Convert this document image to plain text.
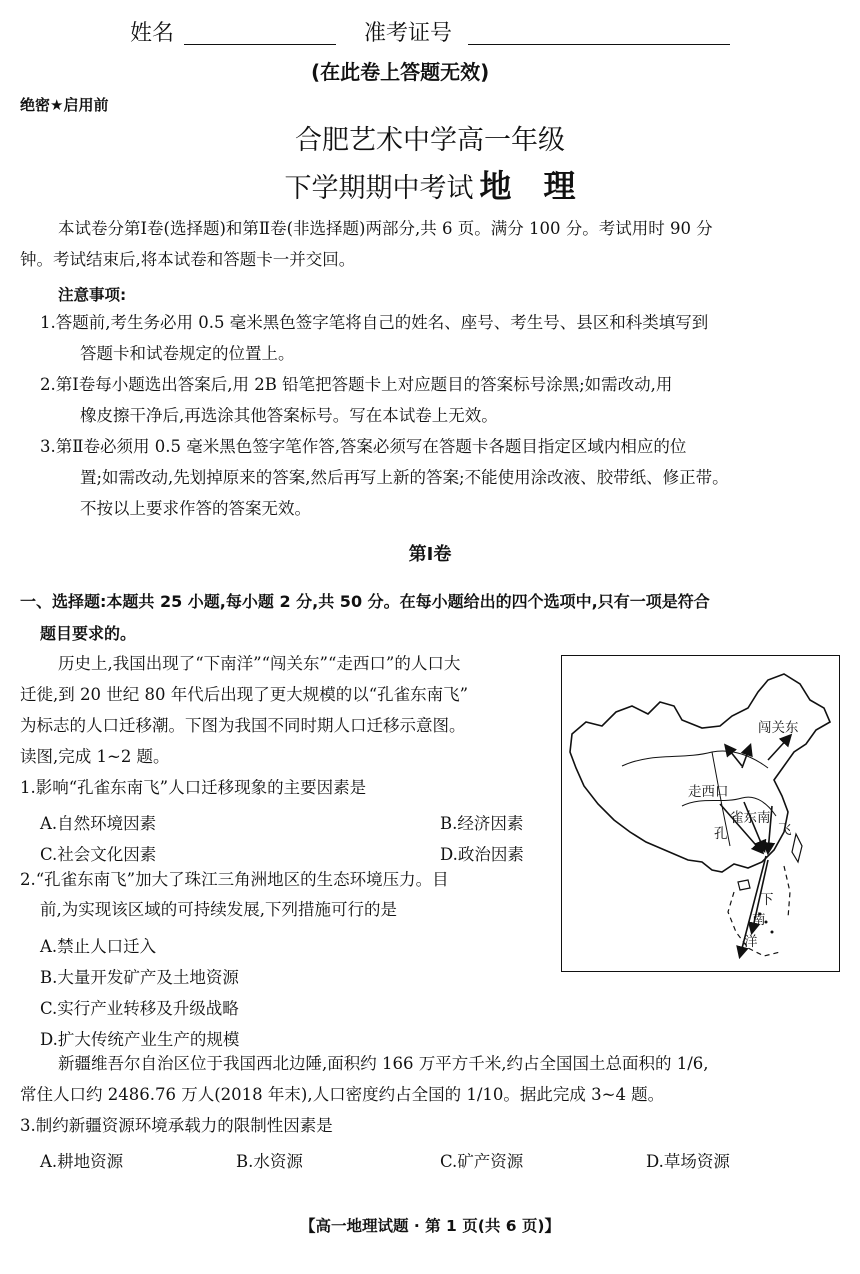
姓名	准考证号
(在此卷上答题无效)
绝密★启用前
合肥艺术中学高一年级
下学期期中考试 地　理
本试卷分第Ⅰ卷(选择题)和第Ⅱ卷(非选择题)两部分,共 6 页。满分 100 分。考试用时 90 分
钟。考试结束后,将本试卷和答题卡一并交回。
注意事项:
1.答题前,考生务必用 0.5 毫米黑色签字笔将自己的姓名、座号、考生号、县区和科类填写到
答题卡和试卷规定的位置上。
2.第Ⅰ卷每小题选出答案后,用 2B 铅笔把答题卡上对应题目的答案标号涂黑;如需改动,用
橡皮擦干净后,再选涂其他答案标号。写在本试卷上无效。
3.第Ⅱ卷必须用 0.5 毫米黑色签字笔作答,答案必须写在答题卡各题目指定区域内相应的位
置;如需改动,先划掉原来的答案,然后再写上新的答案;不能使用涂改液、胶带纸、修正带。
不按以上要求作答的答案无效。
第Ⅰ卷
一、选择题:本题共 25 小题,每小题 2 分,共 50 分。在每小题给出的四个选项中,只有一项是符合
题目要求的。
历史上,我国出现了“下南洋”“闯关东”“走西口”的人口大
迁徙,到 20 世纪 80 年代后出现了更大规模的以“孔雀东南飞”
为标志的人口迁移潮。下图为我国不同时期人口迁移示意图。
读图,完成 1~2 题。
闯关东
走西口
雀东南
飞
孔
下
南
洋
1.影响“孔雀东南飞”人口迁移现象的主要因素是
A.自然环境因素	B.经济因素
C.社会文化因素	D.政治因素
2.“孔雀东南飞”加大了珠江三角洲地区的生态环境压力。目
前,为实现该区域的可持续发展,下列措施可行的是
A.禁止人口迁入
B.大量开发矿产及土地资源
C.实行产业转移及升级战略
D.扩大传统产业生产的规模
新疆维吾尔自治区位于我国西北边陲,面积约 166 万平方千米,约占全国国土总面积的 1/6,
常住人口约 2486.76 万人(2018 年末),人口密度约占全国的 1/10。据此完成 3~4 题。
3.制约新疆资源环境承载力的限制性因素是
A.耕地资源	B.水资源	C.矿产资源	D.草场资源
【高一地理试题 · 第 1 页(共 6 页)】
